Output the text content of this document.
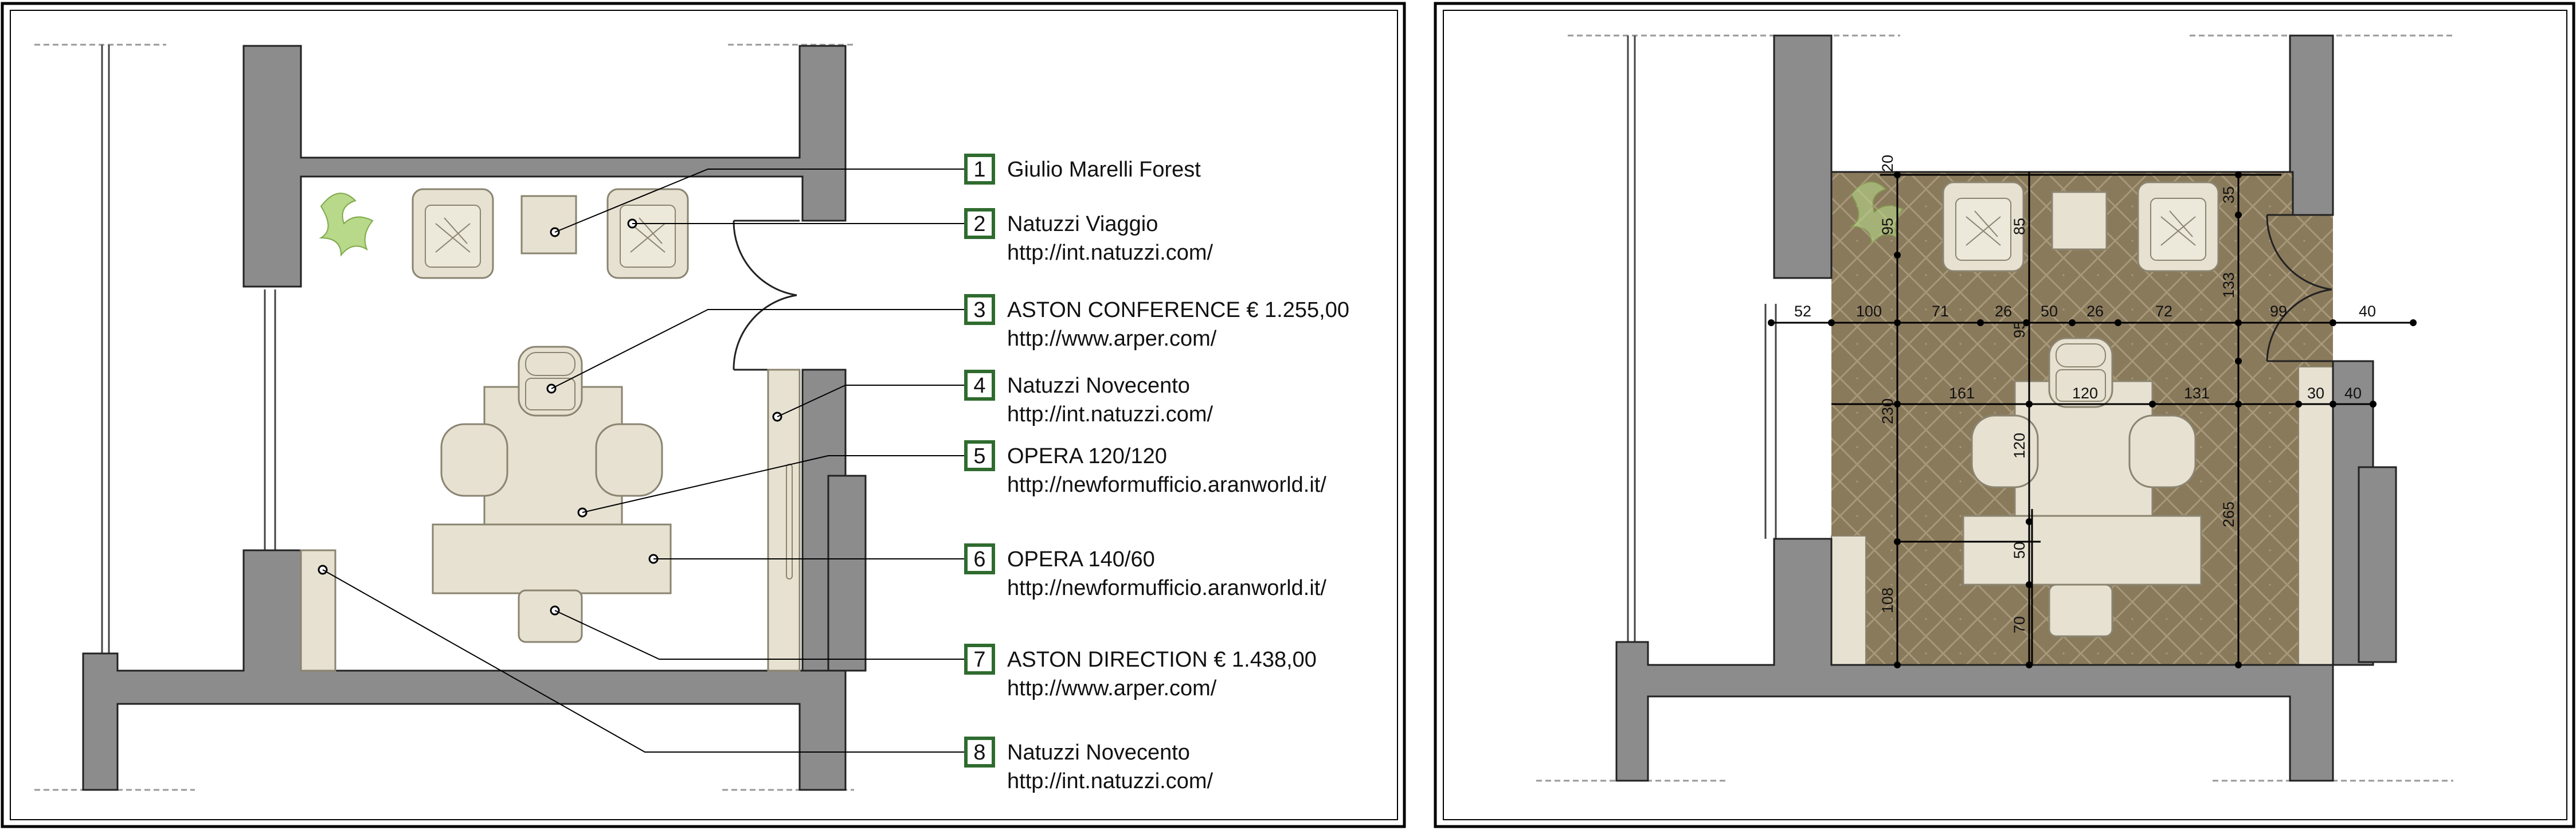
1 Giulio Marelli Forest
2 Natuzzi Viaggio
http://int.natuzzi.com/
3 ASTON CONFERENCE € 1.255,00
http://www.arper.com/
4 Natuzzi Novecento
http://int.natuzzi.com/
5 OPERA 120/120
http://newformufficio.aranworld.it/
6 OPERA 140/60
http://newformufficio.aranworld.it/
7 ASTON DIRECTION € 1.438,00
http://www.arper.com/
8 Natuzzi Novecento
http://int.natuzzi.com/
20
95	85
35
133
52	100	71	26 50 26	72	99	40
95
230
265
161	120	131	30 40
120
50
108
70
